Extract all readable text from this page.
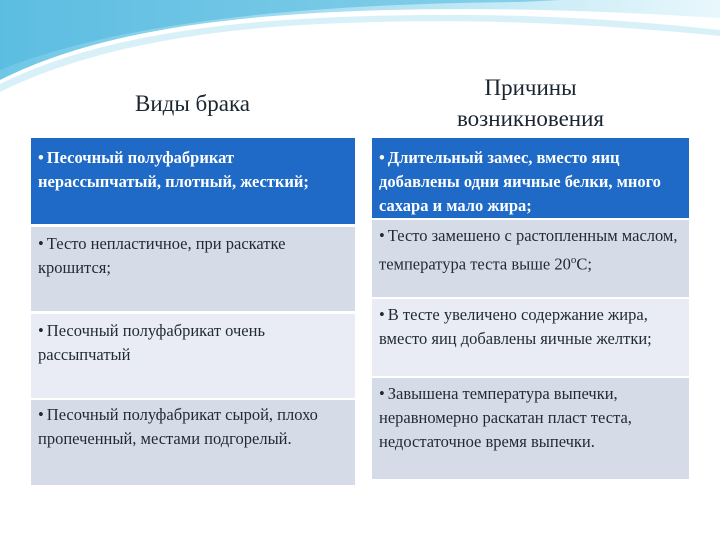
Виды брака
Причины
возникновения
• Песочный полуфабрикат нерассыпчатый, плотный, жесткий;
• Тесто непластичное, при раскатке крошится;
• Песочный полуфабрикат очень рассыпчатый
• Песочный полуфабрикат сырой, плохо пропеченный, местами подгорелый.
• Длительный замес, вместо яиц добавлены одни яичные белки, много сахара и мало жира;
• Тесто замешено с растопленным маслом, температура теста выше $20^оС$;
• В тесте увеличено содержание жира, вместо яиц добавлены яичные желтки;
• Завышена температура выпечки, неравномерно раскатан пласт теста, недостаточное время выпечки.
